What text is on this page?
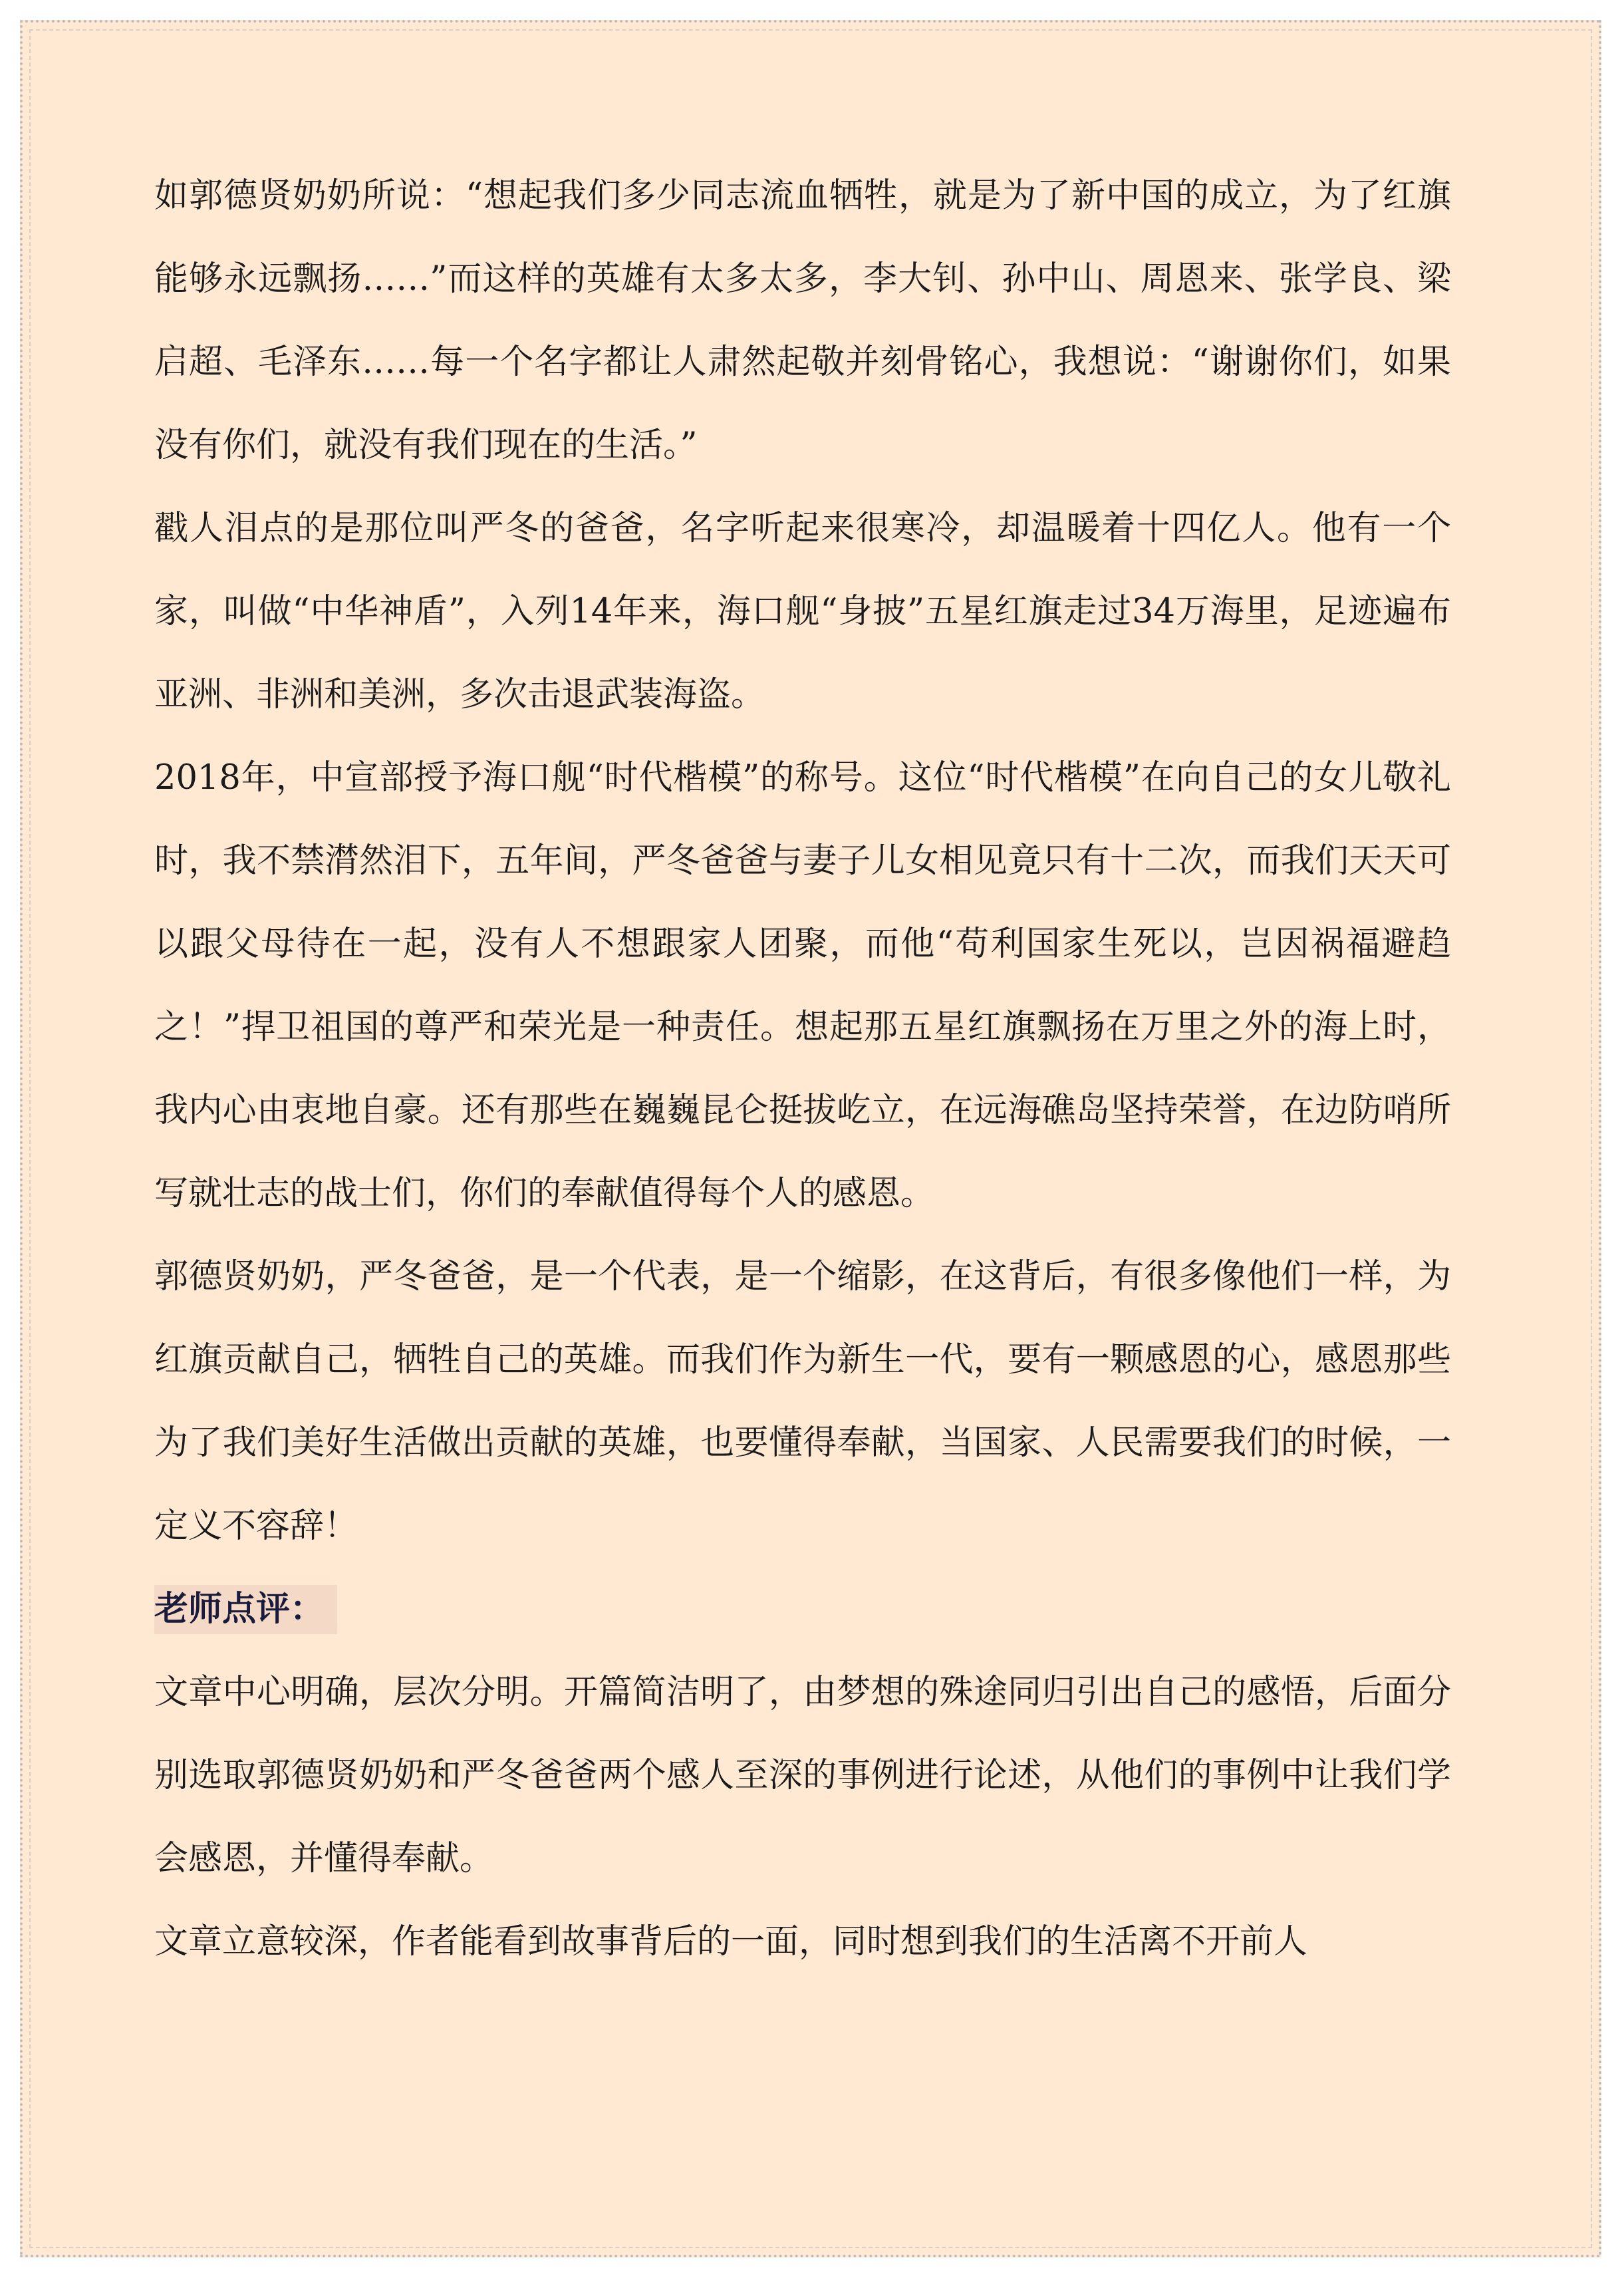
如郭德贤奶奶所说：“想起我们多少同志流血牺牲，就是为了新中国的成立，为了红旗能够永远飘扬……”而这样的英雄有太多太多，李大钊、孙中山、周恩来、张学良、梁启超、毛泽东……每一个名字都让人肃然起敬并刻骨铭心，我想说：“谢谢你们，如果没有你们，就没有我们现在的生活。”

戳人泪点的是那位叫严冬的爸爸，名字听起来很寒冷，却温暖着十四亿人。他有一个家，叫做“中华神盾”，入列14年来，海口舰“身披”五星红旗走过34万海里，足迹遍布亚洲、非洲和美洲，多次击退武装海盗。

2018年，中宣部授予海口舰“时代楷模”的称号。这位“时代楷模”在向自己的女儿敬礼时，我不禁潸然泪下，五年间，严冬爸爸与妻子儿女相见竟只有十二次，而我们天天可以跟父母待在一起，没有人不想跟家人团聚，而他“苟利国家生死以，岂因祸福避趋之！”捍卫祖国的尊严和荣光是一种责任。想起那五星红旗飘扬在万里之外的海上时，我内心由衷地自豪。还有那些在巍巍昆仑挺拔屹立，在远海礁岛坚持荣誉，在边防哨所写就壮志的战士们，你们的奉献值得每个人的感恩。

郭德贤奶奶，严冬爸爸，是一个代表，是一个缩影，在这背后，有很多像他们一样，为红旗贡献自己，牺牲自己的英雄。而我们作为新生一代，要有一颗感恩的心，感恩那些为了我们美好生活做出贡献的英雄，也要懂得奉献，当国家、人民需要我们的时候，一定义不容辞！

老师点评：

文章中心明确，层次分明。开篇简洁明了，由梦想的殊途同归引出自己的感悟，后面分别选取郭德贤奶奶和严冬爸爸两个感人至深的事例进行论述，从他们的事例中让我们学会感恩，并懂得奉献。

文章立意较深，作者能看到故事背后的一面，同时想到我们的生活离不开前人
